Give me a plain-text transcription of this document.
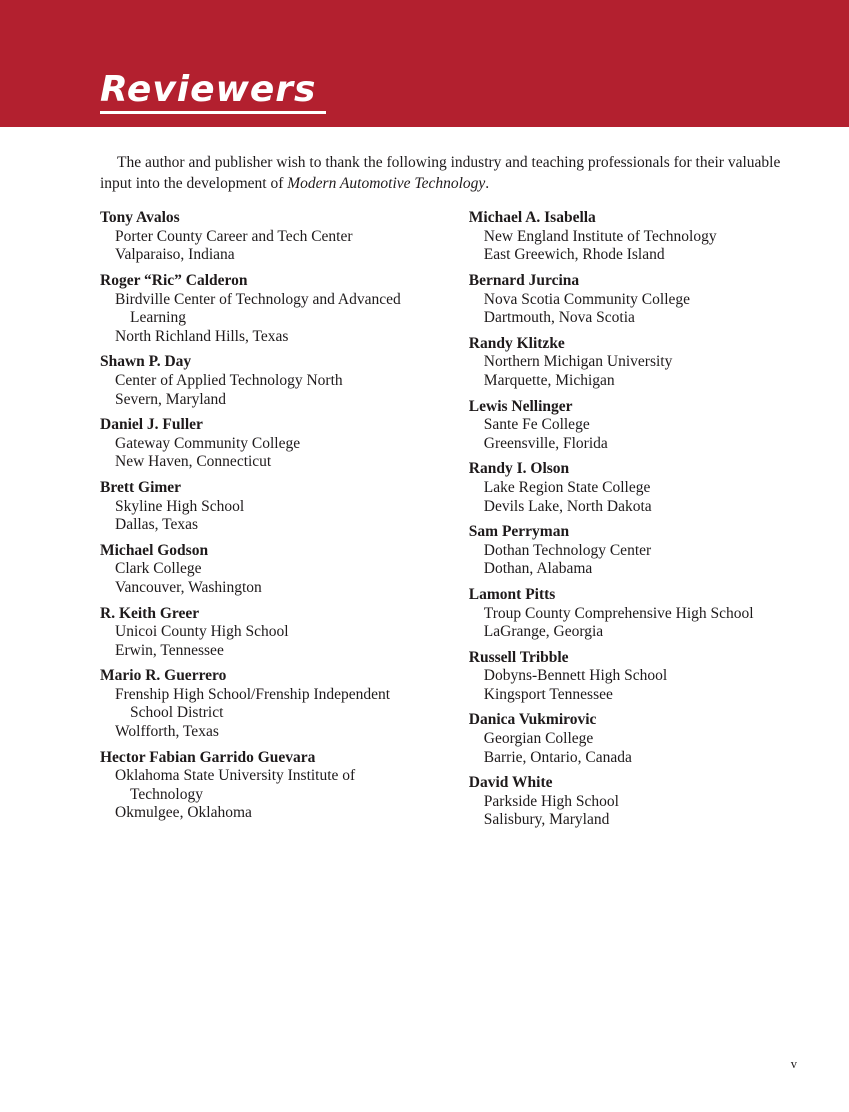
Reviewers

The author and publisher wish to thank the following industry and teaching professionals for their valuable input into the development of Modern Automotive Technology.

Tony Avalos
Porter County Career and Tech Center
Valparaiso, Indiana
Roger “Ric” Calderon
Birdville Center of Technology and Advanced
Learning
North Richland Hills, Texas
Shawn P. Day
Center of Applied Technology North
Severn, Maryland
Daniel J. Fuller
Gateway Community College
New Haven, Connecticut
Brett Gimer
Skyline High School
Dallas, Texas
Michael Godson
Clark College
Vancouver, Washington
R. Keith Greer
Unicoi County High School
Erwin, Tennessee
Mario R. Guerrero
Frenship High School/Frenship Independent
School District
Wolfforth, Texas
Hector Fabian Garrido Guevara
Oklahoma State University Institute of
Technology
Okmulgee, Oklahoma
Michael A. Isabella
New England Institute of Technology
East Greewich, Rhode Island
Bernard Jurcina
Nova Scotia Community College
Dartmouth, Nova Scotia
Randy Klitzke
Northern Michigan University
Marquette, Michigan
Lewis Nellinger
Sante Fe College
Greensville, Florida
Randy I. Olson
Lake Region State College
Devils Lake, North Dakota
Sam Perryman
Dothan Technology Center
Dothan, Alabama
Lamont Pitts
Troup County Comprehensive High School
LaGrange, Georgia
Russell Tribble
Dobyns-Bennett High School
Kingsport Tennessee
Danica Vukmirovic
Georgian College
Barrie, Ontario, Canada
David White
Parkside High School
Salisbury, Maryland
v
